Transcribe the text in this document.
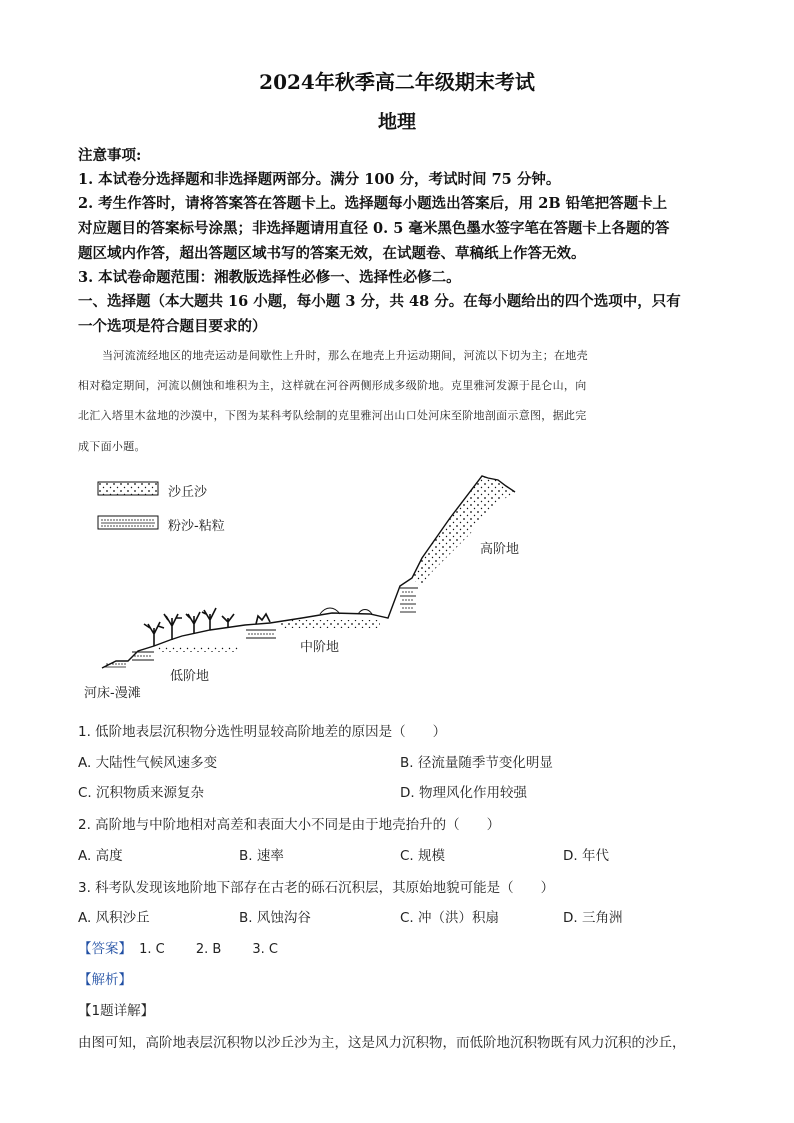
2024年秋季高二年级期末考试
地理
注意事项:
1. 本试卷分选择题和非选择题两部分。满分 100 分，考试时间 75 分钟。
2. 考生作答时，请将答案答在答题卡上。选择题每小题选出答案后，用 2B 铅笔把答题卡上
对应题目的答案标号涂黑；非选择题请用直径 0. 5 毫米黑色墨水签字笔在答题卡上各题的答
题区域内作答，超出答题区域书写的答案无效，在试题卷、草稿纸上作答无效。
3. 本试卷命题范围：湘教版选择性必修一、选择性必修二。
一、选择题（本大题共 16 小题，每小题 3 分，共 48 分。在每小题给出的四个选项中，只有
一个选项是符合题目要求的）
当河流流经地区的地壳运动是间歇性上升时，那么在地壳上升运动期间，河流以下切为主；在地壳
相对稳定期间，河流以侧蚀和堆积为主，这样就在河谷两侧形成多级阶地。克里雅河发源于昆仑山，向
北汇入塔里木盆地的沙漠中，下图为某科考队绘制的克里雅河出山口处河床至阶地剖面示意图，据此完
成下面小题。
沙丘沙
粉沙-粘粒
高阶地
中阶地
低阶地
河床-漫滩
1. 低阶地表层沉积物分选性明显较高阶地差的原因是（　　）
A. 大陆性气候风速多变	B. 径流量随季节变化明显
C. 沉积物质来源复杂	D. 物理风化作用较强
2. 高阶地与中阶地相对高差和表面大小不同是由于地壳抬升的（　　）
A. 高度	B. 速率	C. 规模	D. 年代
3. 科考队发现该地阶地下部存在古老的砾石沉积层，其原始地貌可能是（　　）
A. 风积沙丘	B. 风蚀沟谷	C. 冲（洪）积扇	D. 三角洲
【答案】 1. C 2. B 3. C
【解析】
【1题详解】
由图可知，高阶地表层沉积物以沙丘沙为主，这是风力沉积物，而低阶地沉积物既有风力沉积的沙丘，
